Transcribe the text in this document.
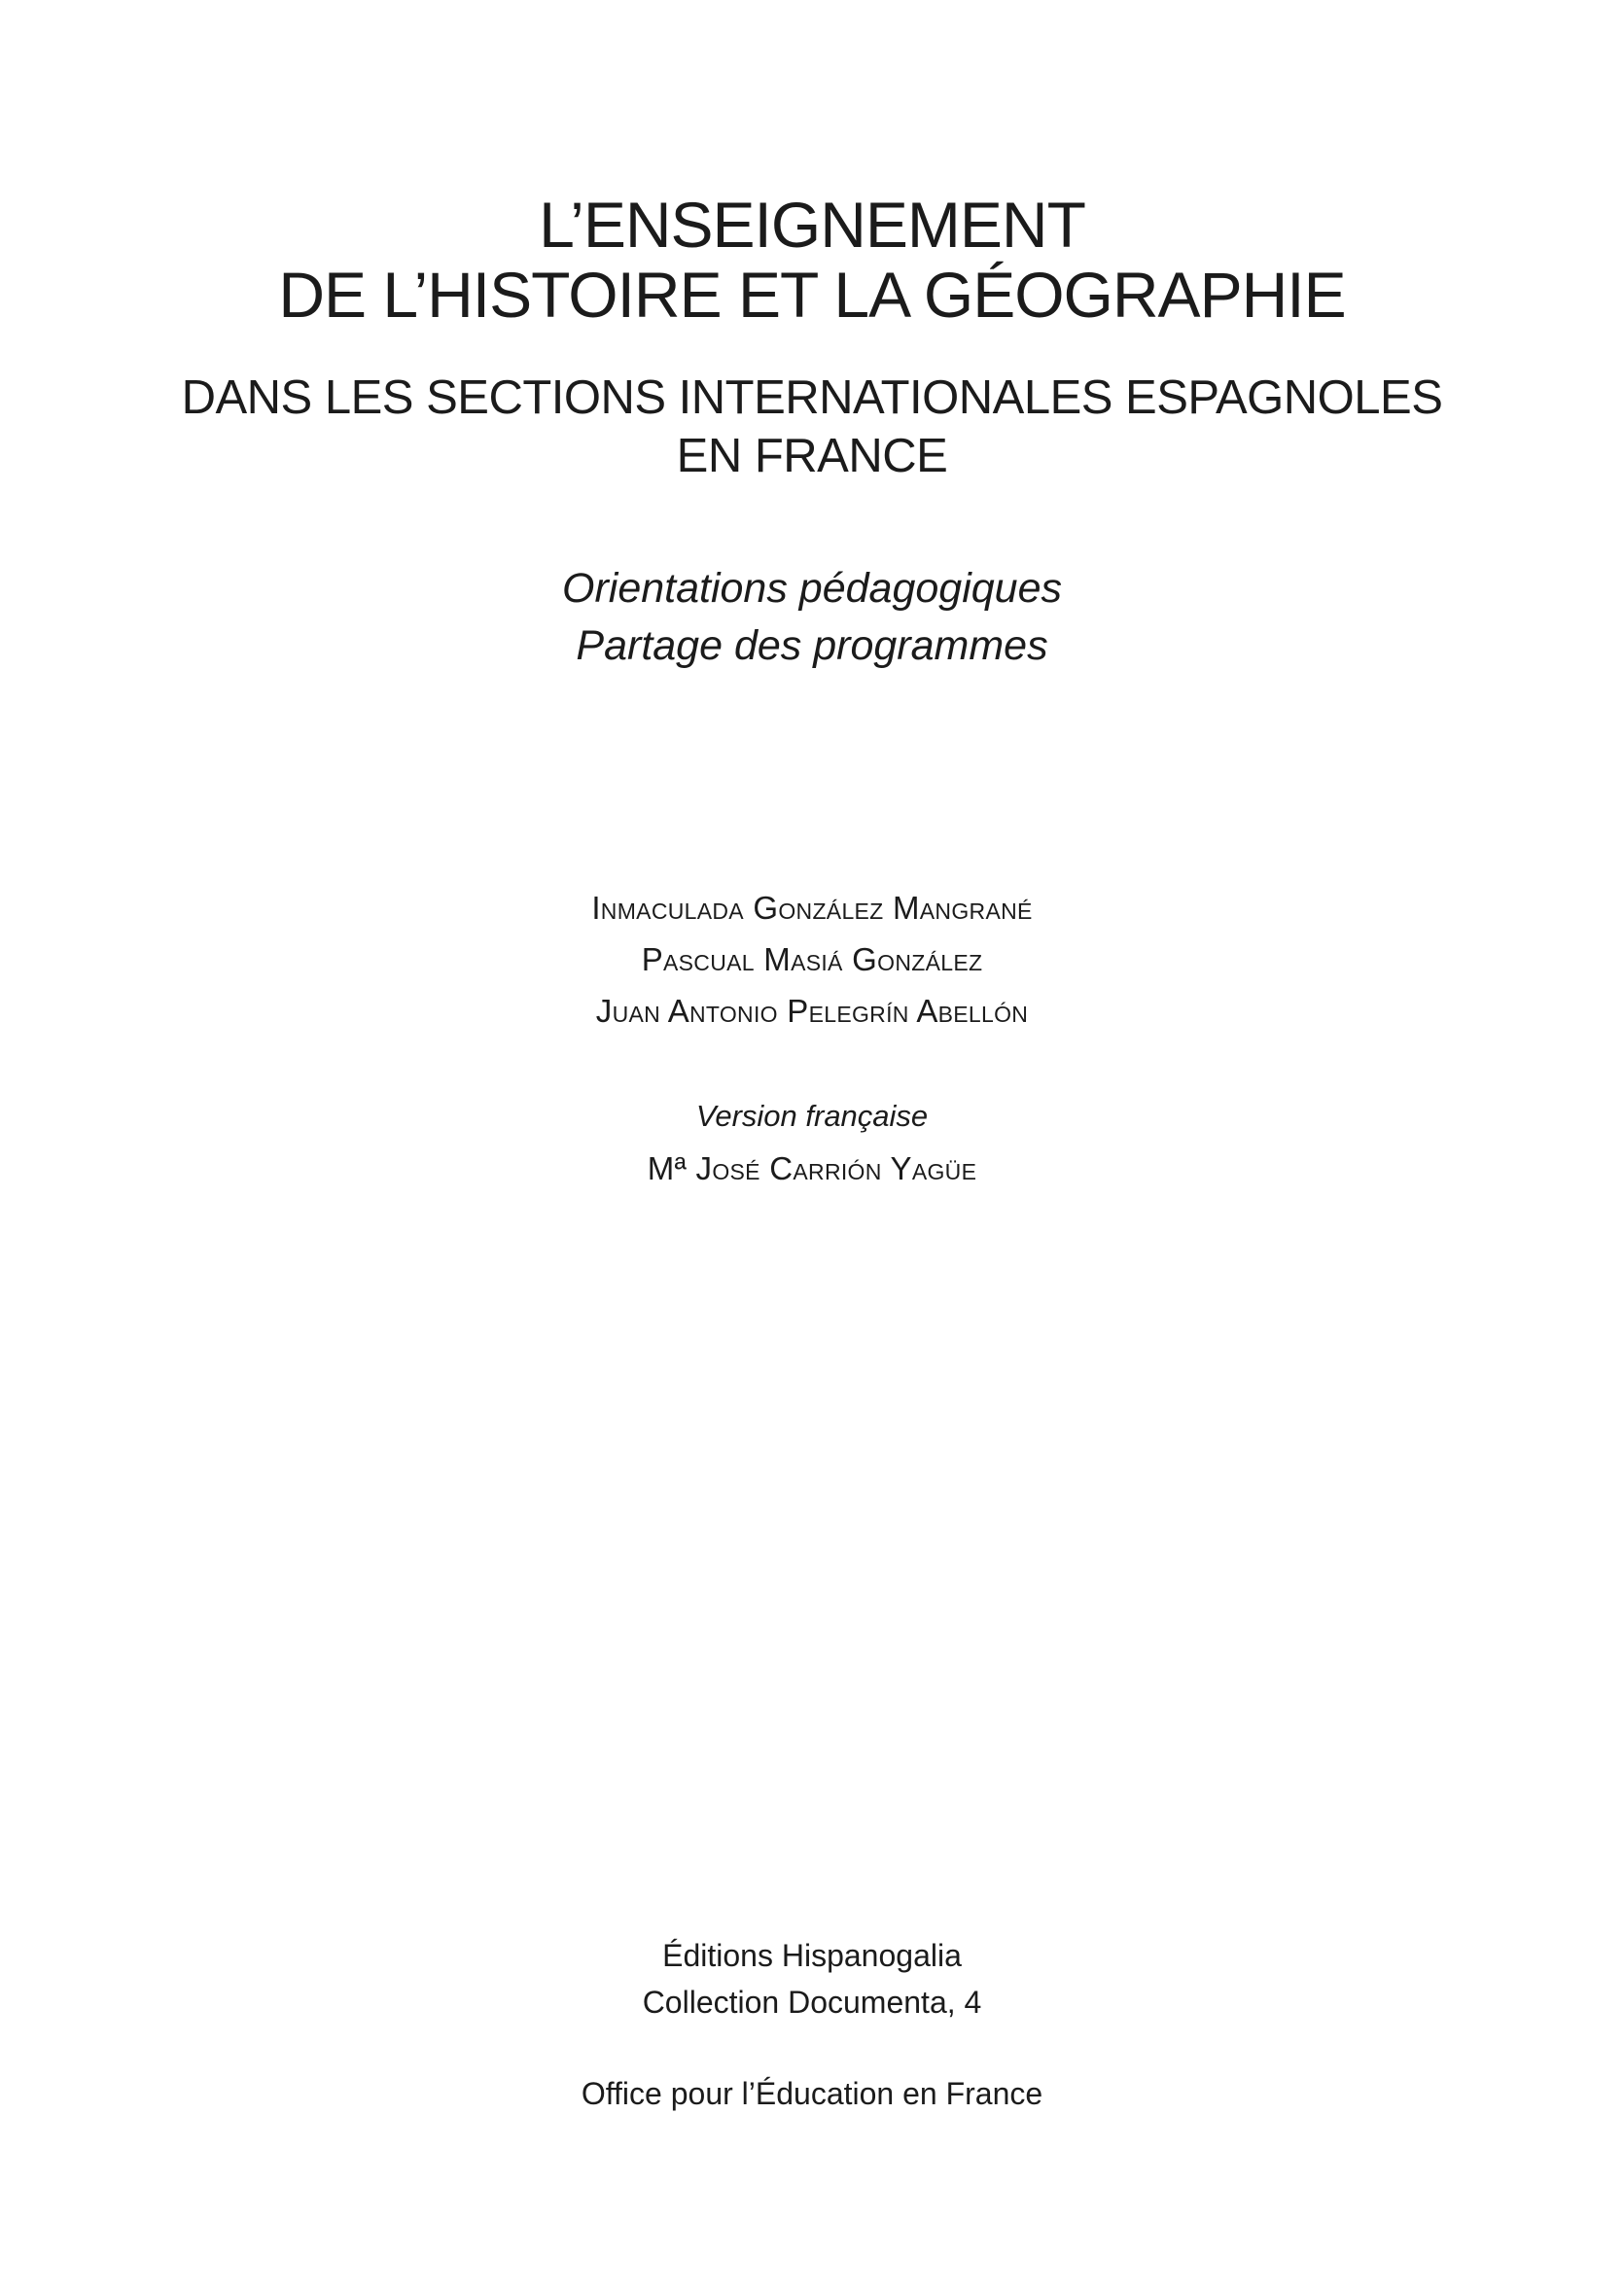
L’ENSEIGNEMENT
DE L’HISTOIRE ET LA GÉOGRAPHIE
DANS LES SECTIONS INTERNATIONALES ESPAGNOLES
EN FRANCE
Orientations pédagogiques
Partage des programmes
Inmaculada González Mangrané
Pascual Masiá González
Juan Antonio Pelegrín Abellón
Version française
Mª José Carrión Yagüe
Éditions Hispanogalia
Collection Documenta, 4
Office pour l’Éducation en France
